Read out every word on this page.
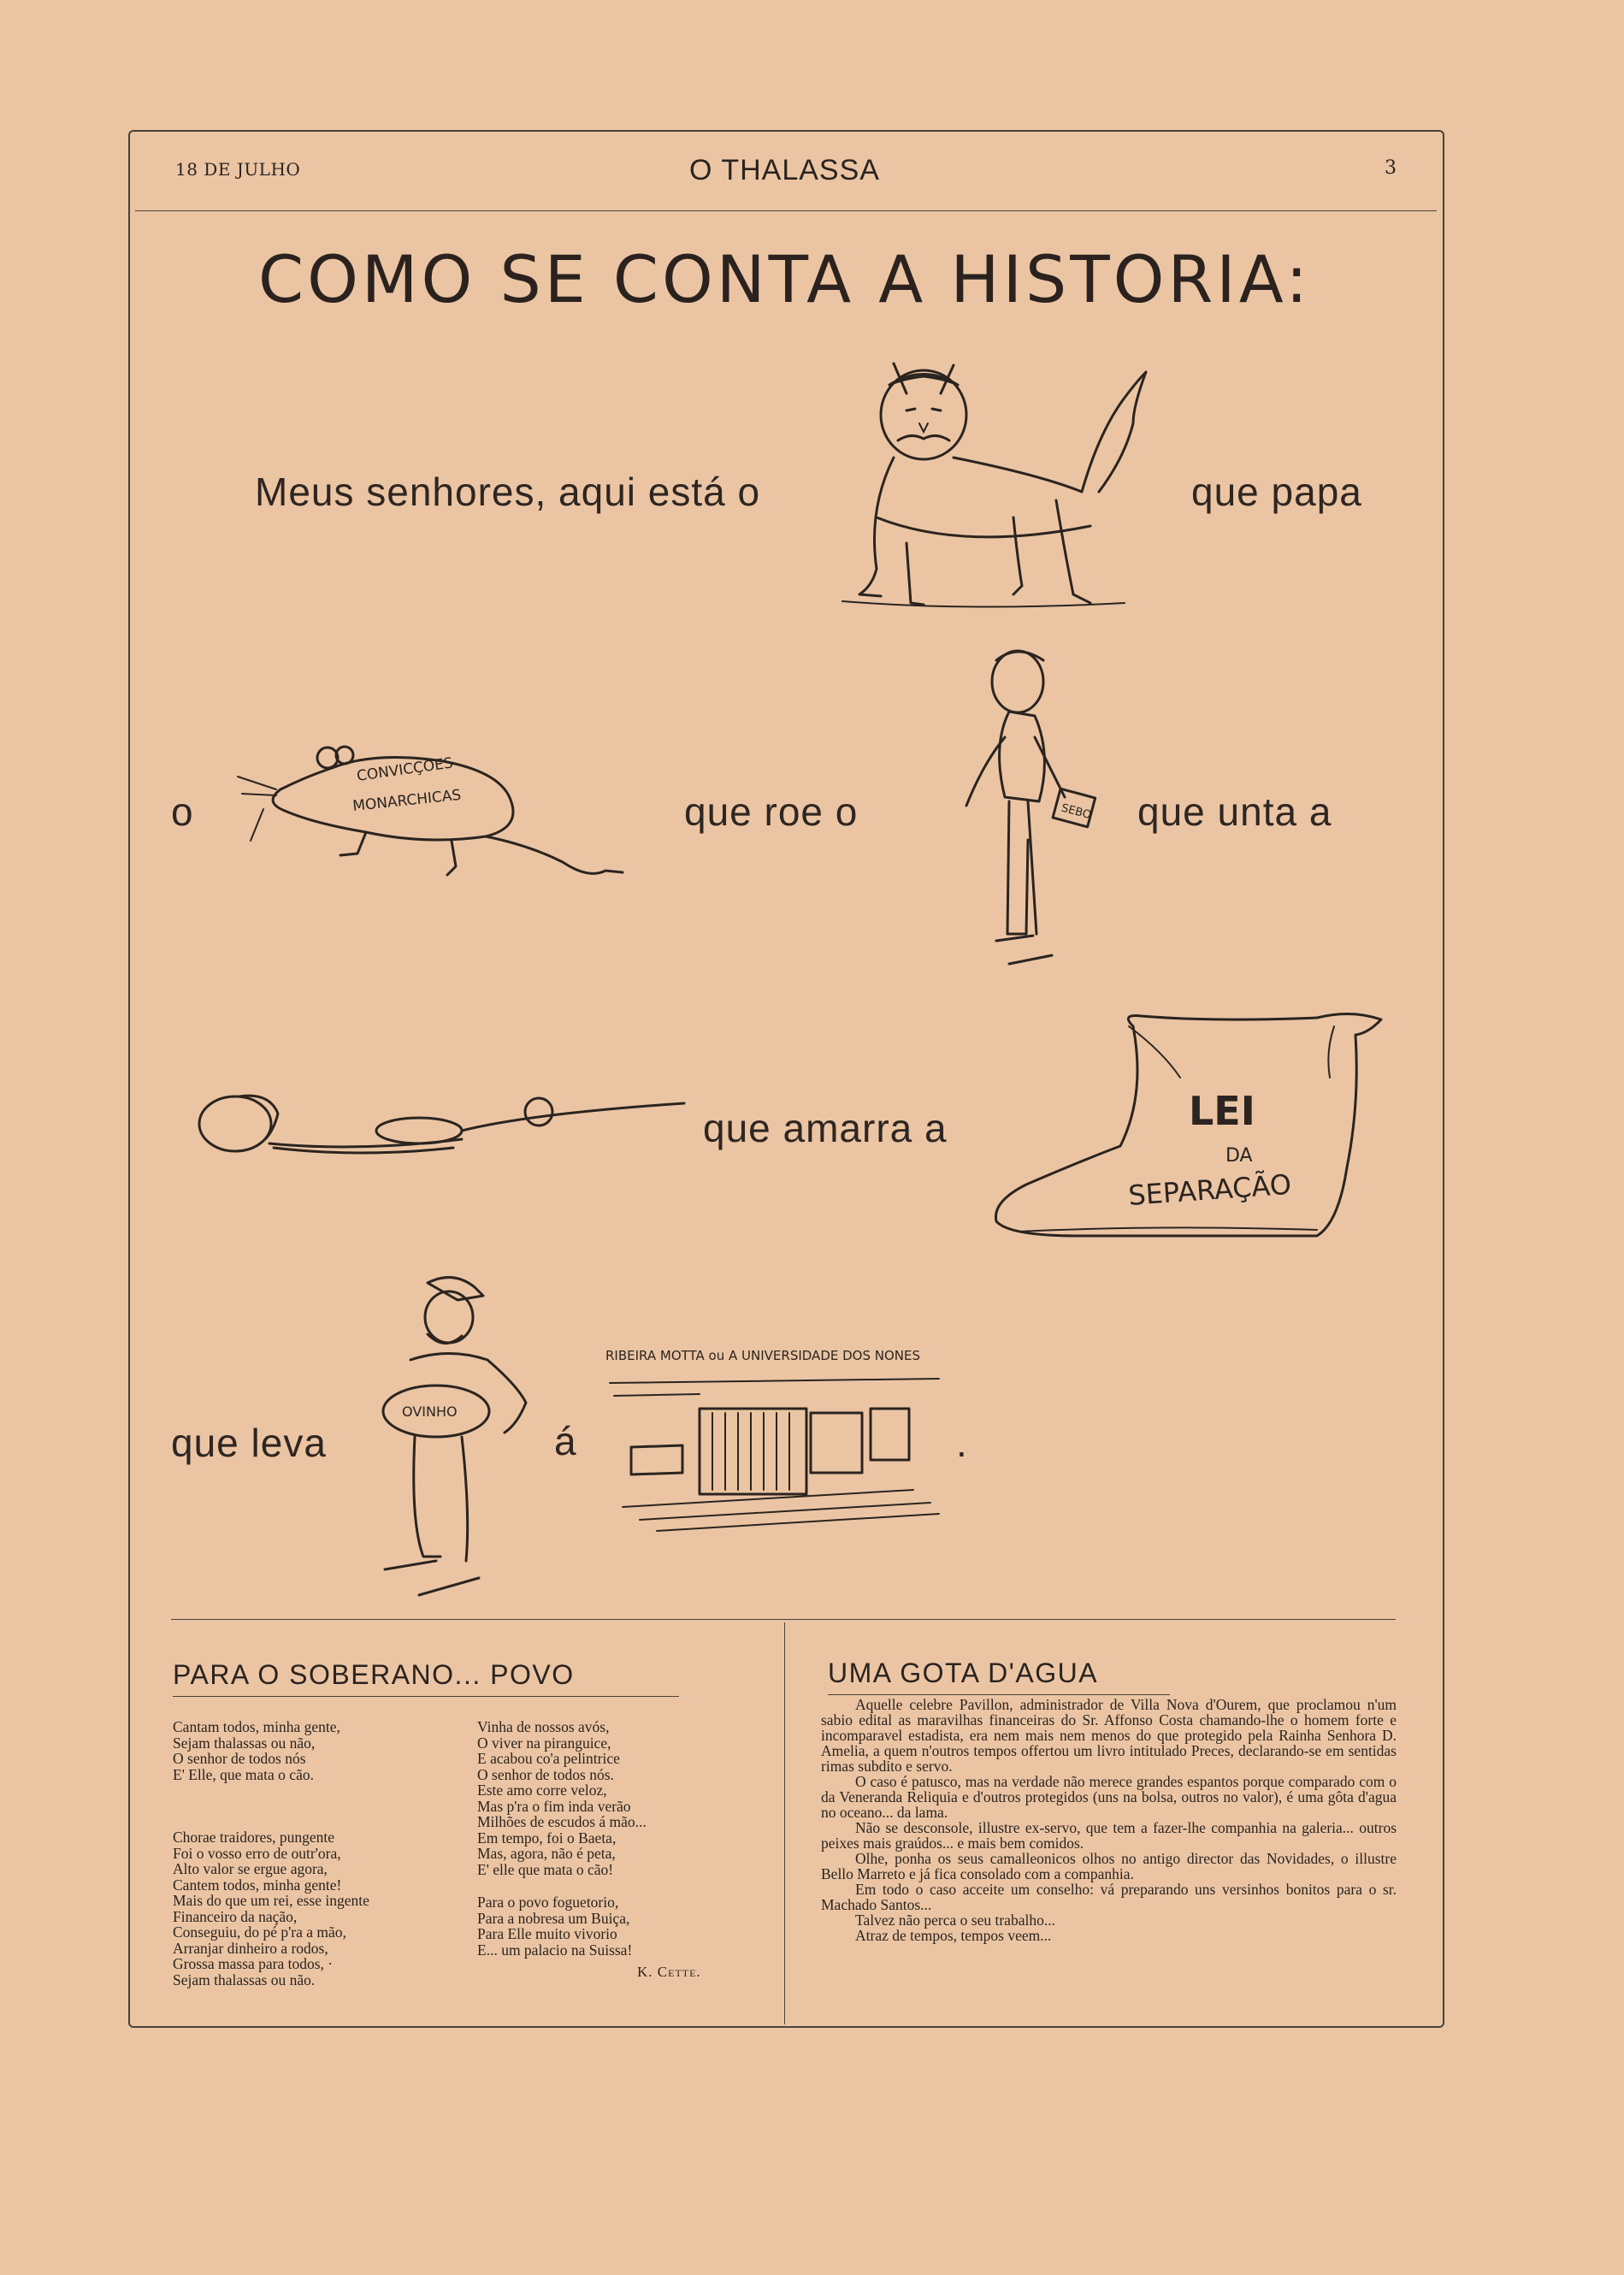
18 DE JULHO	O THALASSA	3
COMO SE CONTA A HISTORIA:
Meus senhores, aqui está o	que papa
o
CONVICÇOES
MONARCHICAS	que roe o	SEBO que unta a
que amarra a	LEI
DA
SEPARAÇÃO
que leva
OVINHO
á
RIBEIRA MOTTA ou A UNIVERSIDADE DOS NONES
.
PARA O SOBERANO... POVO
Cantam todos, minha gente,
Sejam thalassas ou não,
O senhor de todos nós
E' Elle, que mata o cão.
Chorae traidores, pungente
Foi o vosso erro de outr'ora,
Alto valor se ergue agora,
Cantem todos, minha gente!
Mais do que um rei, esse ingente
Financeiro da nação,
Conseguiu, do pé p'ra a mão,
Arranjar dinheiro a rodos,
Grossa massa para todos, ·
Sejam thalassas ou não.
Vinha de nossos avós,
O viver na piranguice,
E acabou co'a pelintrice
O senhor de todos nós.
Este amo corre veloz,
Mas p'ra o fim inda verão
Milhões de escudos á mão...
Em tempo, foi o Baeta,
Mas, agora, não é peta,
E' elle que mata o cão!
Para o povo foguetorio,
Para a nobresa um Buiça,
Para Elle muito vivorio
E... um palacio na Suissa!
K. Cette.
UMA GOTA D'AGUA

Aquelle celebre Pavillon, administrador de Villa Nova d'Ourem, que proclamou n'um sabio edital as maravilhas financeiras do Sr. Affonso Costa chamando-lhe o homem forte e incomparavel estadista, era nem mais nem menos do que protegido pela Rainha Senhora D. Amelia, a quem n'outros tempos offertou um livro intitulado Preces, declarando-se em sentidas rimas subdito e servo.

O caso é patusco, mas na verdade não merece grandes espantos porque comparado com o da Veneranda Reliquia e d'outros protegidos (uns na bolsa, outros no valor), é uma gôta d'agua no oceano... da lama.

Não se desconsole, illustre ex-servo, que tem a fazer-lhe companhia na galeria... outros peixes mais graúdos... e mais bem comidos.

Olhe, ponha os seus camalleonicos olhos no antigo director das Novidades, o illustre Bello Marreto e já fica consolado com a companhia.

Em todo o caso acceite um conselho: vá preparando uns versinhos bonitos para o sr. Machado Santos...

Talvez não perca o seu trabalho...

Atraz de tempos, tempos veem...
